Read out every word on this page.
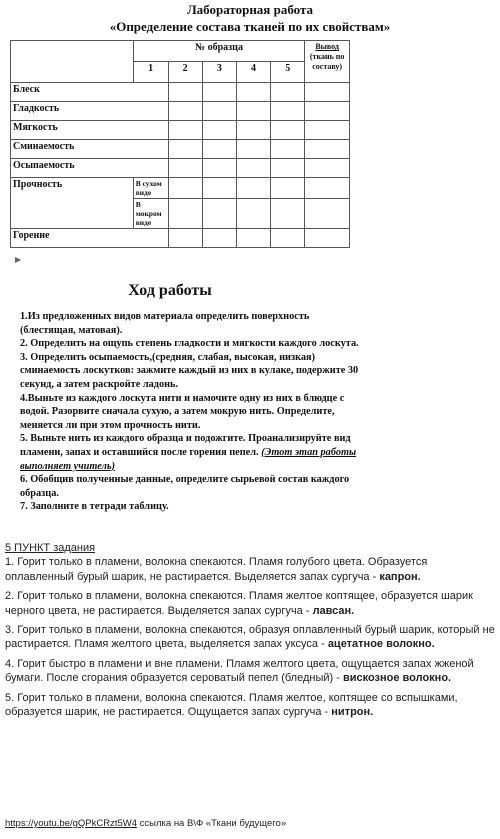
Лабораторная работа
«Определение состава тканей по их свойствам»
	№ образца					Вывод
(ткань по составу)
	1	2	3	4	5	
Блеск						
Гладкость						
Мягкость						
Сминаемость						
Осыпаемость						
Прочность	В сухом виде					
	В мокром виде					
Горение						
▶
Ход работы

1.Из предложенных видов материала определить поверхность (блестящая, матовая).

2. Определить на ощупь степень гладкости и мягкости каждого лоскута.

3. Определить осыпаемость,(средняя, слабая, высокая, низкая) сминаемость лоскутков: зажмите каждый из них в кулаке, подержите 30 секунд, а затем раскройте ладонь.

4.Выньте из каждого лоскута нити и намочите одну из них в блюдце с водой. Разорвите сначала сухую, а затем мокрую нить. Определите, меняется ли при этом прочность нити.

5. Выньте нить из каждого образца и подожгите. Проанализируйте вид пламени, запах и оставшийся после горения пепел. (Этот этап работы выполняет учитель)

6. Обобщив полученные данные, определите сырьевой состав каждого образца.

7. Заполните в тетради таблицу.

5 ПУНКТ задания

1. Горит только в пламени, волокна спекаются. Пламя голубого цвета. Образуется оплавленный бурый шарик, не растирается. Выделяется запах сургуча - капрон.

2. Горит только в пламени, волокна спекаются. Пламя желтое коптящее, образуется шарик черного цвета, не растирается. Выделяется запах сургуча - лавсан.

3. Горит только в пламени, волокна спекаются, образуя оплавленный бурый шарик, который не растирается. Пламя желтого цвета, выделяется запах уксуса - ацетатное волокно.

4. Горит быстро в пламени и вне пламени. Пламя желтого цвета, ощущается запах жженой бумаги. После сгорания образуется сероватый пепел (бледный) - вискозное волокно.

5. Горит только в пламени, волокна спекаются. Пламя желтое, коптящее со вспышками, образуется шарик, не растирается. Ощущается запах сургуча - нитрон.

https://youtu.be/gQPkCRzt5W4 ссылка на В\Ф «Ткани будущего»
